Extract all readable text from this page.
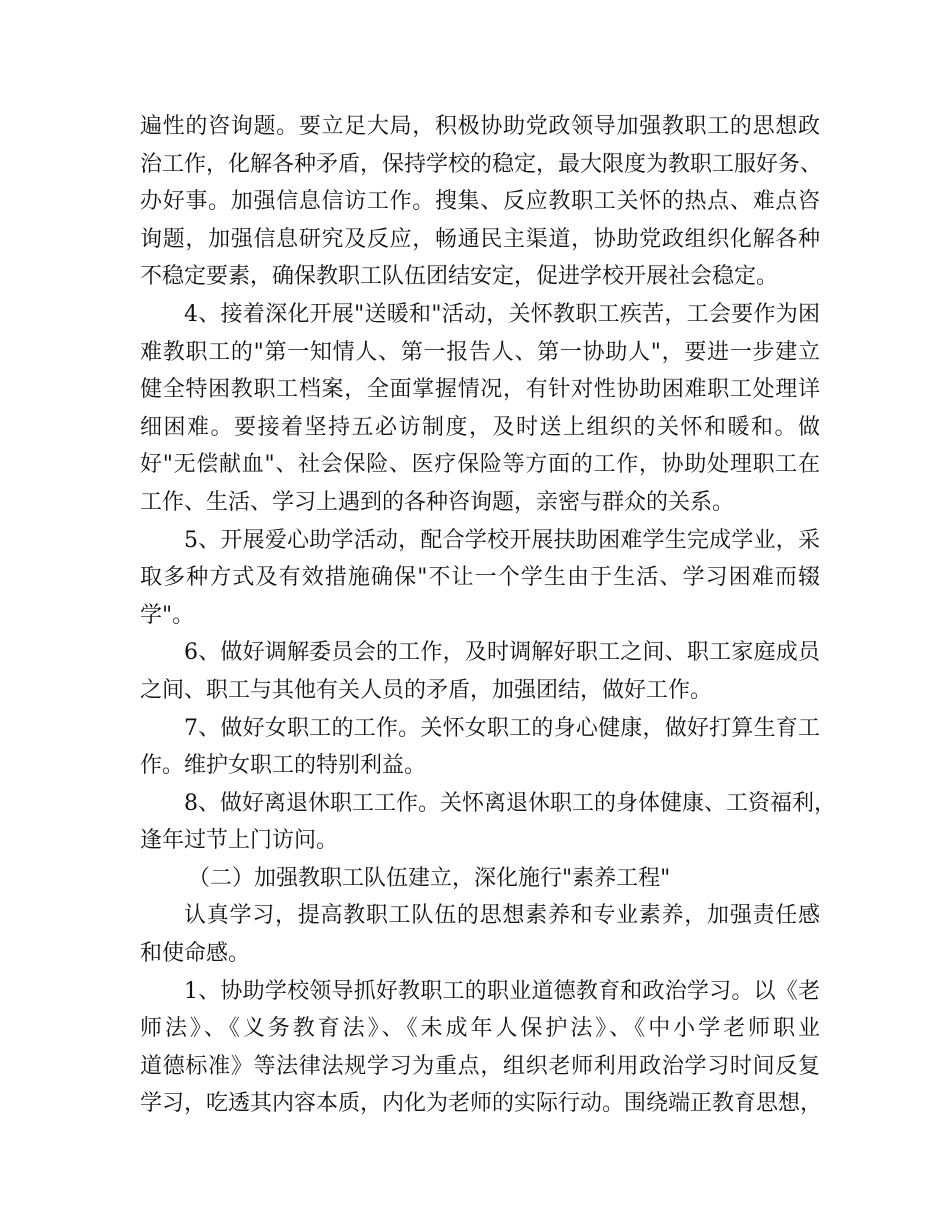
遍性的咨询题。要立足大局，积极协助党政领导加强教职工的思想政
治工作，化解各种矛盾，保持学校的稳定，最大限度为教职工服好务、
办好事。加强信息信访工作。搜集、反应教职工关怀的热点、难点咨
询题，加强信息研究及反应，畅通民主渠道，协助党政组织化解各种
不稳定要素，确保教职工队伍团结安定，促进学校开展社会稳定。
4、接着深化开展"送暖和"活动，关怀教职工疾苦，工会要作为困
难教职工的"第一知情人、第一报告人、第一协助人"，要进一步建立
健全特困教职工档案，全面掌握情况，有针对性协助困难职工处理详
细困难。要接着坚持五必访制度，及时送上组织的关怀和暖和。做
好"无偿献血"、社会保险、医疗保险等方面的工作，协助处理职工在
工作、生活、学习上遇到的各种咨询题，亲密与群众的关系。
5、开展爱心助学活动，配合学校开展扶助困难学生完成学业，采
取多种方式及有效措施确保"不让一个学生由于生活、学习困难而辍
学"。
6、做好调解委员会的工作，及时调解好职工之间、职工家庭成员
之间、职工与其他有关人员的矛盾，加强团结，做好工作。
7、做好女职工的工作。关怀女职工的身心健康，做好打算生育工
作。维护女职工的特别利益。
8、做好离退休职工工作。关怀离退休职工的身体健康、工资福利，
逢年过节上门访问。
（二）加强教职工队伍建立，深化施行"素养工程"
认真学习，提高教职工队伍的思想素养和专业素养，加强责任感
和使命感。
1、协助学校领导抓好教职工的职业道德教育和政治学习。以《老
师法》、《义务教育法》、《未成年人保护法》、《中小学老师职业
道德标准》等法律法规学习为重点，组织老师利用政治学习时间反复
学习，吃透其内容本质，内化为老师的实际行动。围绕端正教育思想，
